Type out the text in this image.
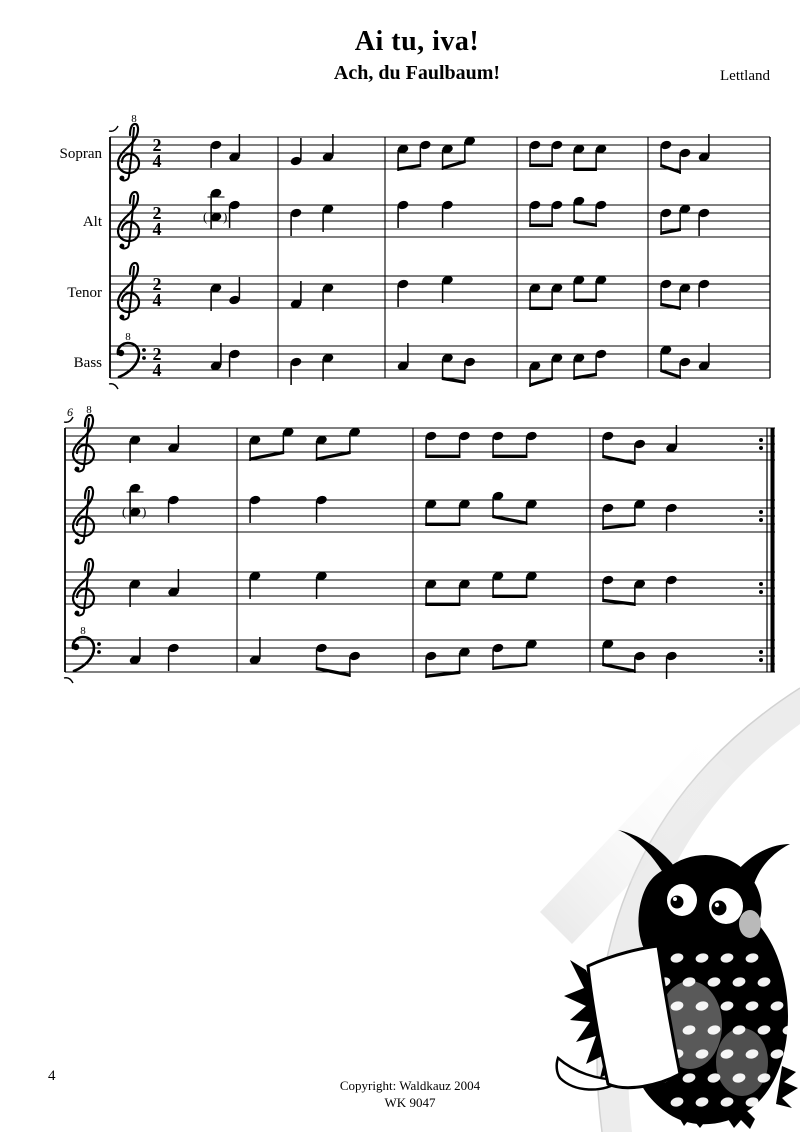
Sopran
8
2
4
Alt	2
4
( )
Tenor	2
4
Bass
8
2
4
6 8
( )
8
Ai tu, iva!
Ach, du Faulbaum!	Lettland
4
Copyright: Waldkauz 2004
WK 9047
